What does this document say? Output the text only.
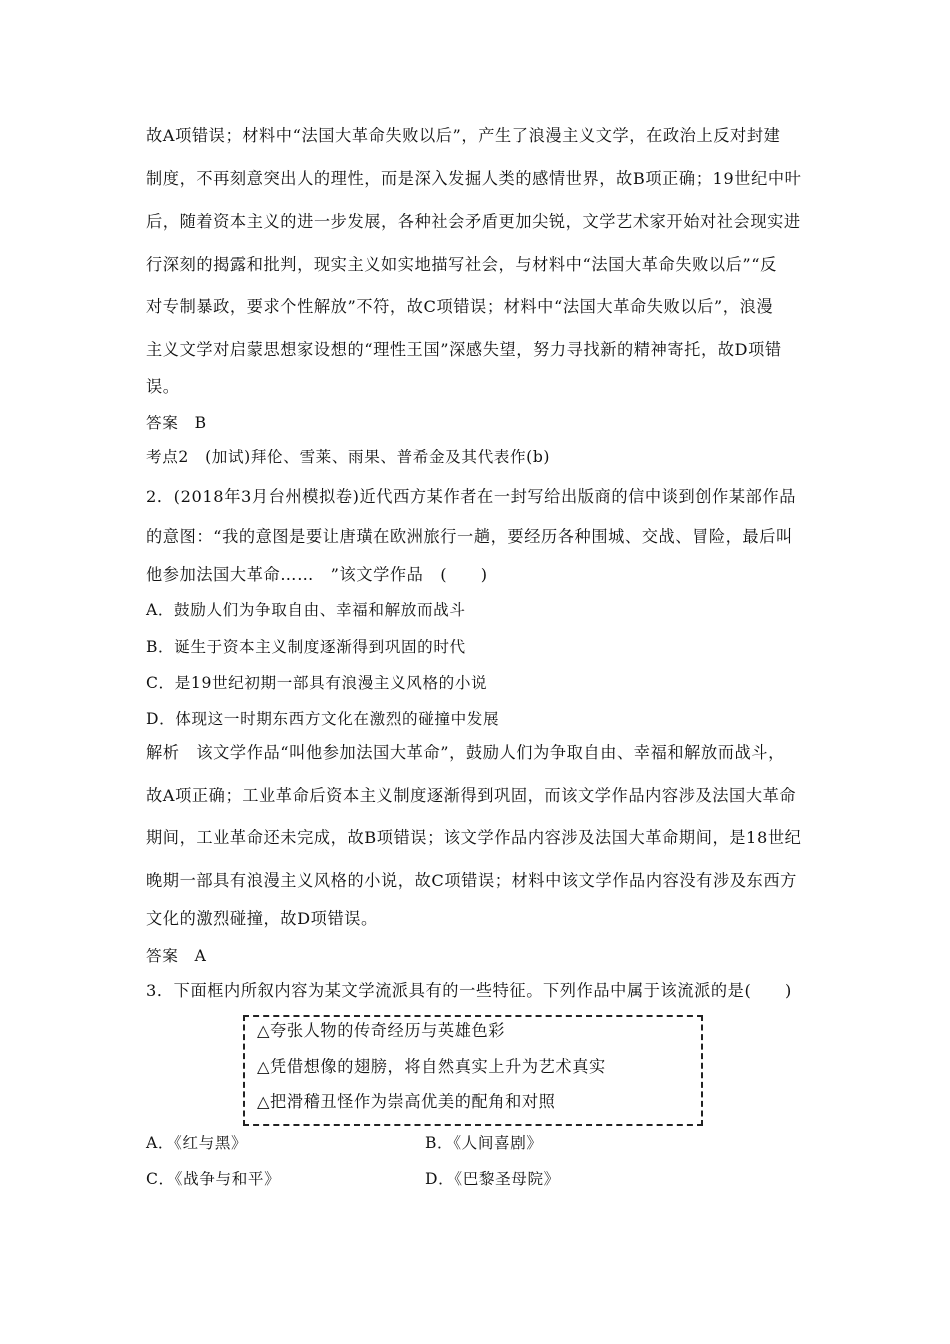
故A项错误；材料中“法国大革命失败以后”，产生了浪漫主义文学，在政治上反对封建
制度，不再刻意突出人的理性，而是深入发掘人类的感情世界，故B项正确；19世纪中叶
后，随着资本主义的进一步发展，各种社会矛盾更加尖锐，文学艺术家开始对社会现实进
行深刻的揭露和批判，现实主义如实地描写社会，与材料中“法国大革命失败以后”“反
对专制暴政，要求个性解放”不符，故C项错误；材料中“法国大革命失败以后”，浪漫
主义文学对启蒙思想家设想的“理性王国”深感失望，努力寻找新的精神寄托，故D项错
误。
答案　B
考点2　(加试)拜伦、雪莱、雨果、普希金及其代表作(b)
2．(2018年3月台州模拟卷)近代西方某作者在一封写给出版商的信中谈到创作某部作品
的意图：“我的意图是要让唐璜在欧洲旅行一趟，要经历各种围城、交战、冒险，最后叫
他参加法国大革命……　”该文学作品　(　　)
A．鼓励人们为争取自由、幸福和解放而战斗
B．诞生于资本主义制度逐渐得到巩固的时代
C．是19世纪初期一部具有浪漫主义风格的小说
D．体现这一时期东西方文化在激烈的碰撞中发展
解析　该文学作品“叫他参加法国大革命”，鼓励人们为争取自由、幸福和解放而战斗，
故A项正确；工业革命后资本主义制度逐渐得到巩固，而该文学作品内容涉及法国大革命
期间，工业革命还未完成，故B项错误；该文学作品内容涉及法国大革命期间，是18世纪
晚期一部具有浪漫主义风格的小说，故C项错误；材料中该文学作品内容没有涉及东西方
文化的激烈碰撞，故D项错误。
答案　A
3．下面框内所叙内容为某文学流派具有的一些特征。下列作品中属于该流派的是(　　)
△夸张人物的传奇经历与英雄色彩
△凭借想像的翅膀，将自然真实上升为艺术真实
△把滑稽丑怪作为崇高优美的配角和对照
A．《红与黑》	B．《人间喜剧》
C．《战争与和平》	D．《巴黎圣母院》
